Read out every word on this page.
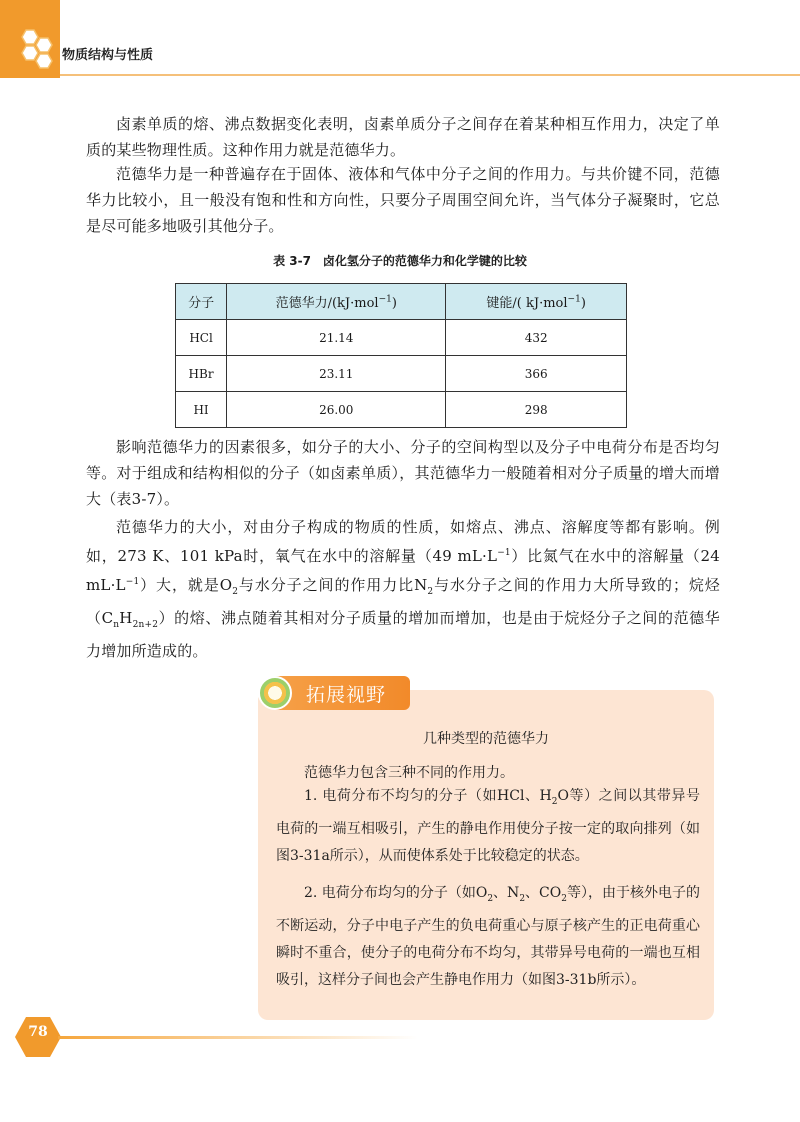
物质结构与性质
卤素单质的熔、沸点数据变化表明，卤素单质分子之间存在着某种相互作用力，决定了单质的某些物理性质。这种作用力就是范德华力。
范德华力是一种普遍存在于固体、液体和气体中分子之间的作用力。与共价键不同，范德华力比较小，且一般没有饱和性和方向性，只要分子周围空间允许，当气体分子凝聚时，它总是尽可能多地吸引其他分子。
表 3-7　卤化氢分子的范德华力和化学键的比较
分子	范德华力/(kJ·mol$^{-1}$)	键能/( kJ·mol$^{-1}$)
HCl	21.14	432
HBr	23.11	366
HI	26.00	298
影响范德华力的因素很多，如分子的大小、分子的空间构型以及分子中电荷分布是否均匀等。对于组成和结构相似的分子（如卤素单质），其范德华力一般随着相对分子质量的增大而增大（表3-7）。
范德华力的大小，对由分子构成的物质的性质，如熔点、沸点、溶解度等都有影响。例如，273 K、101 kPa时，氧气在水中的溶解量（49 $mL\cdot L^{-1}$）比氮气在水中的溶解量（24 $mL\cdot L^{-1}$）大，就是$O_2$与水分子之间的作用力比$N_2$与水分子之间的作用力大所导致的；烷烃$(C_nH_{2n+2})$的熔、沸点随着其相对分子质量的增加而增加，也是由于烷烃分子之间的范德华力增加所造成的。
拓展视野
几种类型的范德华力
范德华力包含三种不同的作用力。
1. 电荷分布不均匀的分子（如HCl、$H_2O$等）之间以其带异号电荷的一端互相吸引，产生的静电作用使分子按一定的取向排列（如图3-31a所示），从而使体系处于比较稳定的状态。
2. 电荷分布均匀的分子（如$O_2$、$N_2$、$CO_2$等），由于核外电子的不断运动，分子中电子产生的负电荷重心与原子核产生的正电荷重心瞬时不重合，使分子的电荷分布不均匀，其带异号电荷的一端也互相吸引，这样分子间也会产生静电作用力（如图3-31b所示）。
78
